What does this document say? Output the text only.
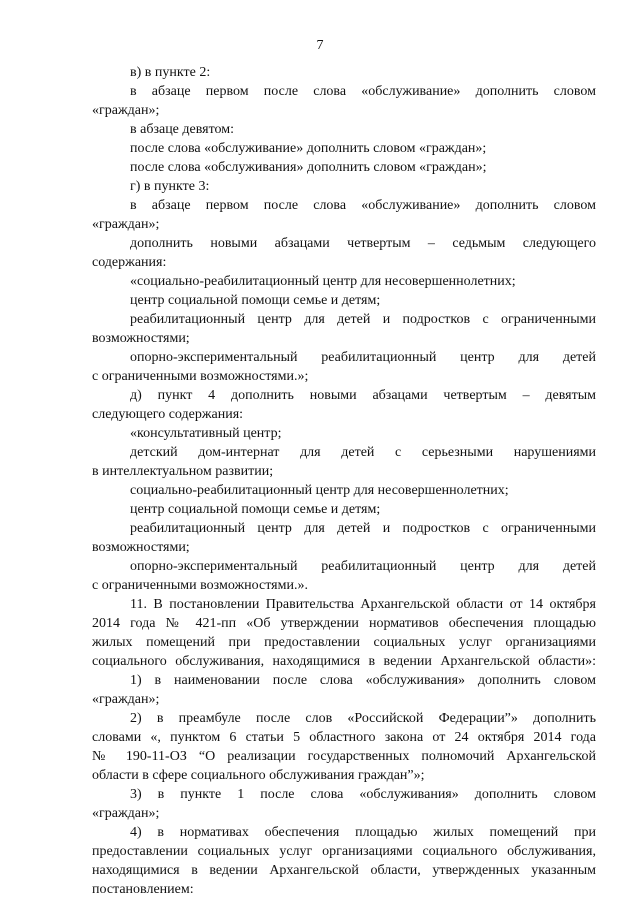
7
в) в пункте 2:
в абзаце первом после слова «обслуживание» дополнить словом
«граждан»;
в абзаце девятом:
после слова «обслуживание» дополнить словом «граждан»;
после слова «обслуживания» дополнить словом «граждан»;
г) в пункте 3:
в абзаце первом после слова «обслуживание» дополнить словом
«граждан»;
дополнить новыми абзацами четвертым – седьмым следующего
содержания:
«социально-реабилитационный центр для несовершеннолетних;
центр социальной помощи семье и детям;
реабилитационный центр для детей и подростков с ограниченными
возможностями;
опорно-экспериментальный реабилитационный центр для детей
с ограниченными возможностями.»;
д) пункт 4 дополнить новыми абзацами четвертым – девятым
следующего содержания:
«консультативный центр;
детский дом-интернат для детей с серьезными нарушениями
в интеллектуальном развитии;
социально-реабилитационный центр для несовершеннолетних;
центр социальной помощи семье и детям;
реабилитационный центр для детей и подростков с ограниченными
возможностями;
опорно-экспериментальный реабилитационный центр для детей
с ограниченными возможностями.».
11. В постановлении Правительства Архангельской области от 14 октября
2014 года № 421-пп «Об утверждении нормативов обеспечения площадью
жилых помещений при предоставлении социальных услуг организациями
социального обслуживания, находящимися в ведении Архангельской области»:
1) в наименовании после слова «обслуживания» дополнить словом
«граждан»;
2) в преамбуле после слов «Российской Федерации”» дополнить
словами «, пунктом 6 статьи 5 областного закона от 24 октября 2014 года
№ 190-11-ОЗ “О реализации государственных полномочий Архангельской
области в сфере социального обслуживания граждан”»;
3) в пункте 1 после слова «обслуживания» дополнить словом
«граждан»;
4) в нормативах обеспечения площадью жилых помещений при
предоставлении социальных услуг организациями социального обслуживания,
находящимися в ведении Архангельской области, утвержденных указанным
постановлением:
